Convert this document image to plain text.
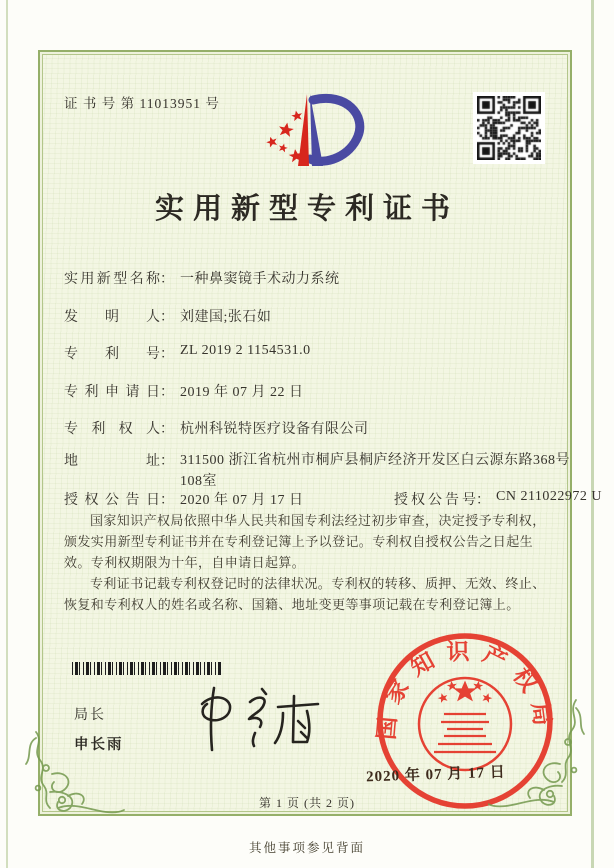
证 书 号 第 11013951 号
实用新型专利证书
实用新型名称： 一种鼻窦镜手术动力系统
发明人： 刘建国;张石如
专利号： ZL 2019 2 1154531.0
专利申请日： 2019 年 07 月 22 日
专利权人： 杭州科锐特医疗设备有限公司
地址： 311500 浙江省杭州市桐庐县桐庐经济开发区白云源东路368号108室
授权公告日： 2020 年 07 月 17 日	授权公告号： CN 211022972 U

国家知识产权局依照中华人民共和国专利法经过初步审查，决定授予专利权，颁发实用新型专利证书并在专利登记簿上予以登记。专利权自授权公告之日起生效。专利权期限为十年，自申请日起算。

专利证书记载专利权登记时的法律状况。专利权的转移、质押、无效、终止、恢复和专利权人的姓名或名称、国籍、地址变更等事项记载在专利登记簿上。

局长
申长雨
国家知识产权局
2020 年 07 月 17 日
第 1 页 (共 2 页)
其他事项参见背面
